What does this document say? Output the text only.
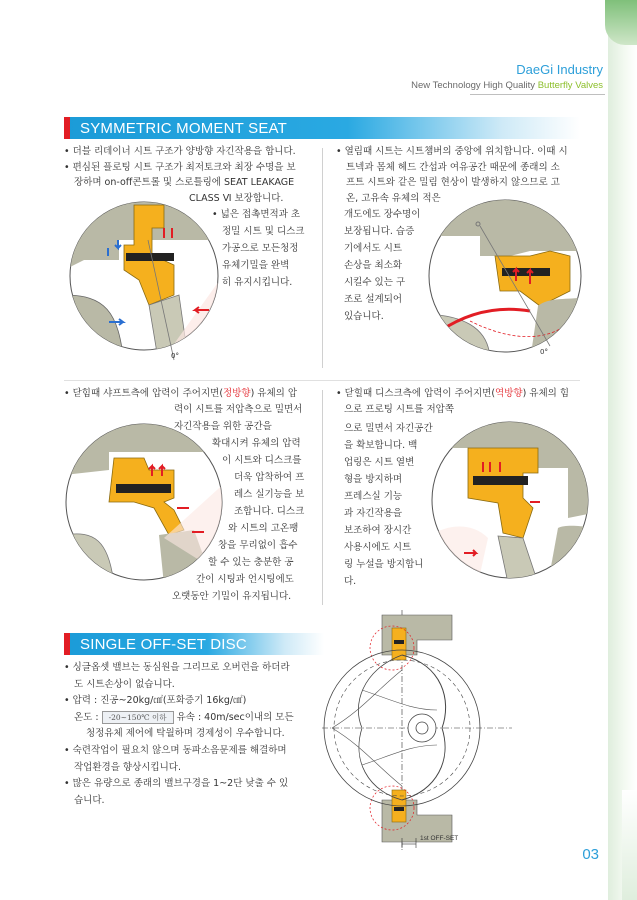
DaeGi Industry
New Technology High Quality Butterfly Valves
SYMMETRIC MOMENT SEAT
• 더블 리데이너 시트 구조가 양방향 자긴작용을 합니다.
• 편심된 플로팅 시트 구조가 최저토크와 최장 수명을 보
장하며 on-off콘트롤 및 스로틀링에 SEAT LEAKAGE
CLASS Ⅵ 보장합니다.
• 넓은 접촉면적과 초
정밀 시트 및 디스크
가공으로 모든청정
유체기밀을 완벽
히 유지시킵니다.
0°
• 열림때 시트는 시트챔버의 중앙에 위치합니다. 이때 시
트넥과 몸체 헤드 간섭과 여유공간 때문에 종래의 소
프트 시트와 같은 밀림 현상이 발생하지 않으므로 고
온, 고유속 유체의 적은
개도에도 장수명이
보장됩니다. 습증
기에서도 시트
손상을 최소화
시킬수 있는 구
조로 설계되어
있습니다.
0°
• 닫힘때 샤프트측에 압력이 주어지면(정방향) 유체의 압
력이 시트를 저압측으로 밀면서
자긴작용을 위한 공간을
확대시켜 유체의 압력
이 시트와 디스크를
더욱 압착하여 프
레스 실기능을 보
조합니다. 디스크
와 시트의 고온팽
창을 무리없이 흡수
할 수 있는 충분한 공
간이 시팅과 언시팅에도
오랫동안 기밀이 유지됩니다.
• 닫힐때 디스크측에 압력이 주어지면(역방향) 유체의 힘
으로 프로팅 시트를 저압쪽
으로 밀면서 자긴공간
을 확보합니다. 백
업링은 시트 열변
형을 방지하며
프레스실 기능
과 자긴작용을
보조하여 장시간
사용시에도 시트
링 누설을 방지합니
다.
SINGLE OFF-SET DISC
• 싱글옵셋 밸브는 동심원을 그리므로 오버런을 하더라
도 시트손상이 없습니다.
• 압력 : 진공~20kg/㎠(포화증기 16kg/㎠)
온도 : -20~150℃ 이하 유속 : 40m/sec이내의 모든
청정유체 제어에 탁월하며 경제성이 우수합니다.
• 숙련작업이 필요치 않으며 동파소음문제를 해결하며
작업환경을 향상시킵니다.
• 많은 유량으로 종래의 밸브구경을 1~2단 낮출 수 있
습니다.
1st OFF-SET
03
